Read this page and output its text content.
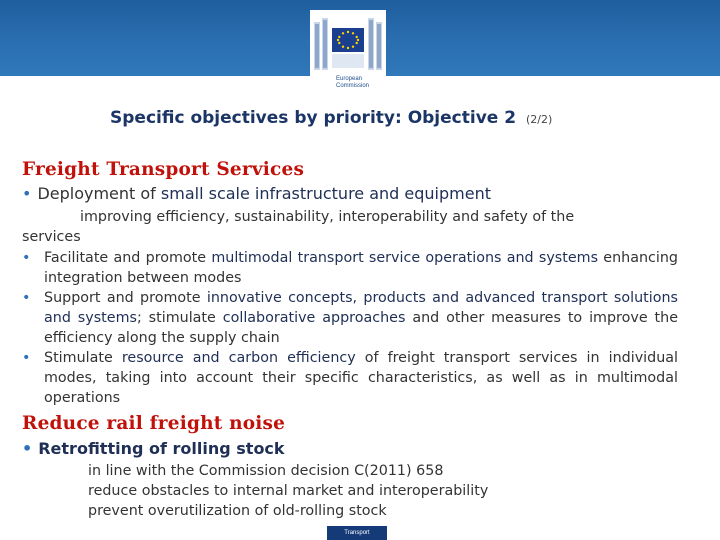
European
Commission
Specific objectives by priority: Objective 2 (2/2)
Freight Transport Services
• Deployment of small scale infrastructure and equipment
improving efficiency, sustainability, interoperability and safety of the
services
• Facilitate and promote multimodal transport service operations and systems enhancing integration between modes
• Support and promote innovative concepts, products and advanced transport solutions and systems; stimulate collaborative approaches and other measures to improve the efficiency along the supply chain
• Stimulate resource and carbon efficiency of freight transport services in individual modes, taking into account their specific characteristics, as well as in multimodal operations
Reduce rail freight noise
• Retrofitting of rolling stock
in line with the Commission decision C(2011) 658
reduce obstacles to internal market and interoperability
prevent overutilization of old-rolling stock
Transport
